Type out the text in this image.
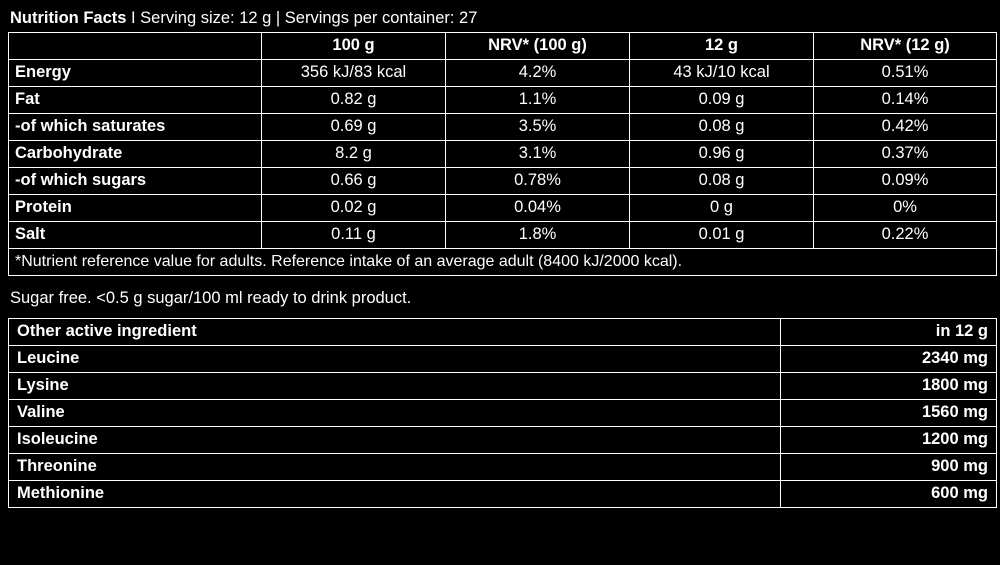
Nutrition Facts I Serving size: 12 g | Servings per container: 27
	100 g	NRV* (100 g)	12 g	NRV* (12 g)
Energy	356 kJ/83 kcal	4.2%	43 kJ/10 kcal	0.51%
Fat	0.82 g	1.1%	0.09 g	0.14%
-of which saturates	0.69 g	3.5%	0.08 g	0.42%
Carbohydrate	8.2 g	3.1%	0.96 g	0.37%
-of which sugars	0.66 g	0.78%	0.08 g	0.09%
Protein	0.02 g	0.04%	0 g	0%
Salt	0.11 g	1.8%	0.01 g	0.22%
*Nutrient reference value for adults. Reference intake of an average adult (8400 kJ/2000 kcal).				
Sugar free. <0.5 g sugar/100 ml ready to drink product.
Other active ingredient	in 12 g
Leucine	2340 mg
Lysine	1800 mg
Valine	1560 mg
Isoleucine	1200 mg
Threonine	900 mg
Methionine	600 mg
